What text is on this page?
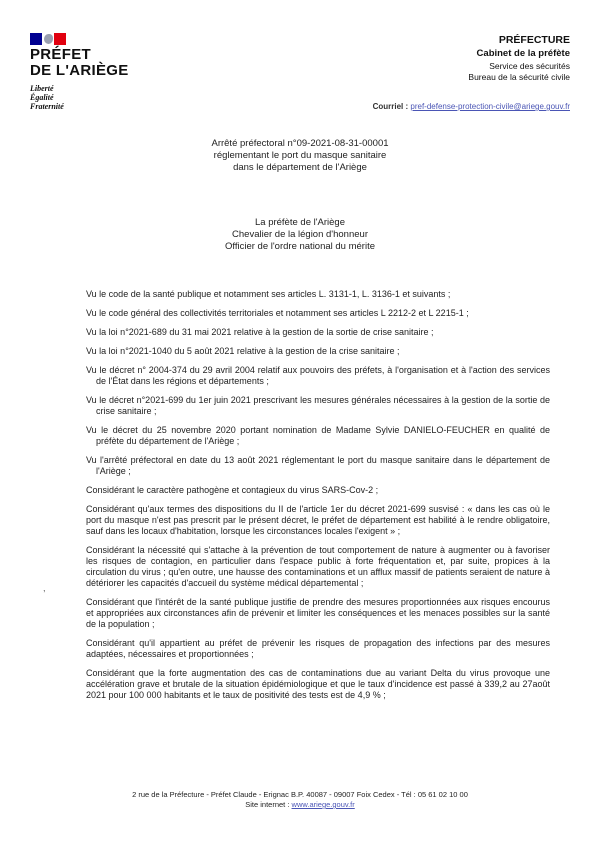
PRÉFET
DE L'ARIÈGE
Liberté
Égalité
Fraternité
PRÉFECTURE
Cabinet de la préfète
Service des sécurités
Bureau de la sécurité civile
Courriel : pref-defense-protection-civile@ariege.gouv.fr
Arrêté préfectoral n°09-2021-08-31-00001
réglementant le port du masque sanitaire
dans le département de l'Ariège
La préfète de l'Ariège
Chevalier de la légion d'honneur
Officier de l'ordre national du mérite

Vu le code de la santé publique et notamment ses articles L. 3131-1, L. 3136-1 et suivants ;

Vu le code général des collectivités territoriales et notamment ses articles L 2212-2 et L 2215-1 ;

Vu la loi n°2021-689 du 31 mai 2021 relative à la gestion de la sortie de crise sanitaire ;

Vu la loi n°2021-1040 du 5 août 2021 relative à la gestion de la crise sanitaire ;

Vu le décret n° 2004-374 du 29 avril 2004 relatif aux pouvoirs des préfets, à l'organisation et à l'action des services de l'État dans les régions et départements ;

Vu le décret n°2021-699 du 1er juin 2021 prescrivant les mesures générales nécessaires à la gestion de la sortie de crise sanitaire ;

Vu le décret du 25 novembre 2020 portant nomination de Madame Sylvie DANIELO-FEUCHER en qualité de préfète du département de l'Ariège ;

Vu l'arrêté préfectoral en date du 13 août 2021 réglementant le port du masque sanitaire dans le département de l'Ariège ;

Considérant le caractère pathogène et contagieux du virus SARS-Cov-2 ;

Considérant qu'aux termes des dispositions du II de l'article 1er du décret 2021-699 susvisé : « dans les cas où le port du masque n'est pas prescrit par le présent décret, le préfet de département est habilité à le rendre obligatoire, sauf dans les locaux d'habitation, lorsque les circonstances locales l'exigent » ;

Considérant la nécessité qui s'attache à la prévention de tout comportement de nature à augmenter ou à favoriser les risques de contagion, en particulier dans l'espace public à forte fréquentation et, par suite, propices à la circulation du virus ; qu'en outre, une hausse des contaminations et un afflux massif de patients seraient de nature à détériorer les capacités d'accueil du système médical départemental ;

Considérant que l'intérêt de la santé publique justifie de prendre des mesures proportionnées aux risques encourus et appropriées aux circonstances afin de prévenir et limiter les conséquences et les menaces possibles sur la santé de la population ;

Considérant qu'il appartient au préfet de prévenir les risques de propagation des infections par des mesures adaptées, nécessaires et proportionnées ;

Considérant que la forte augmentation des cas de contaminations due au variant Delta du virus provoque une accélération grave et brutale de la situation épidémiologique et que le taux d'incidence est passé à 339,2 au 27août 2021 pour 100 000 habitants et le taux de positivité des tests est de 4,9 % ;

,
2 rue de la Préfecture - Préfet Claude - Erignac B.P. 40087 - 09007 Foix Cedex - Tél : 05 61 02 10 00
Site internet : www.ariege.gouv.fr
